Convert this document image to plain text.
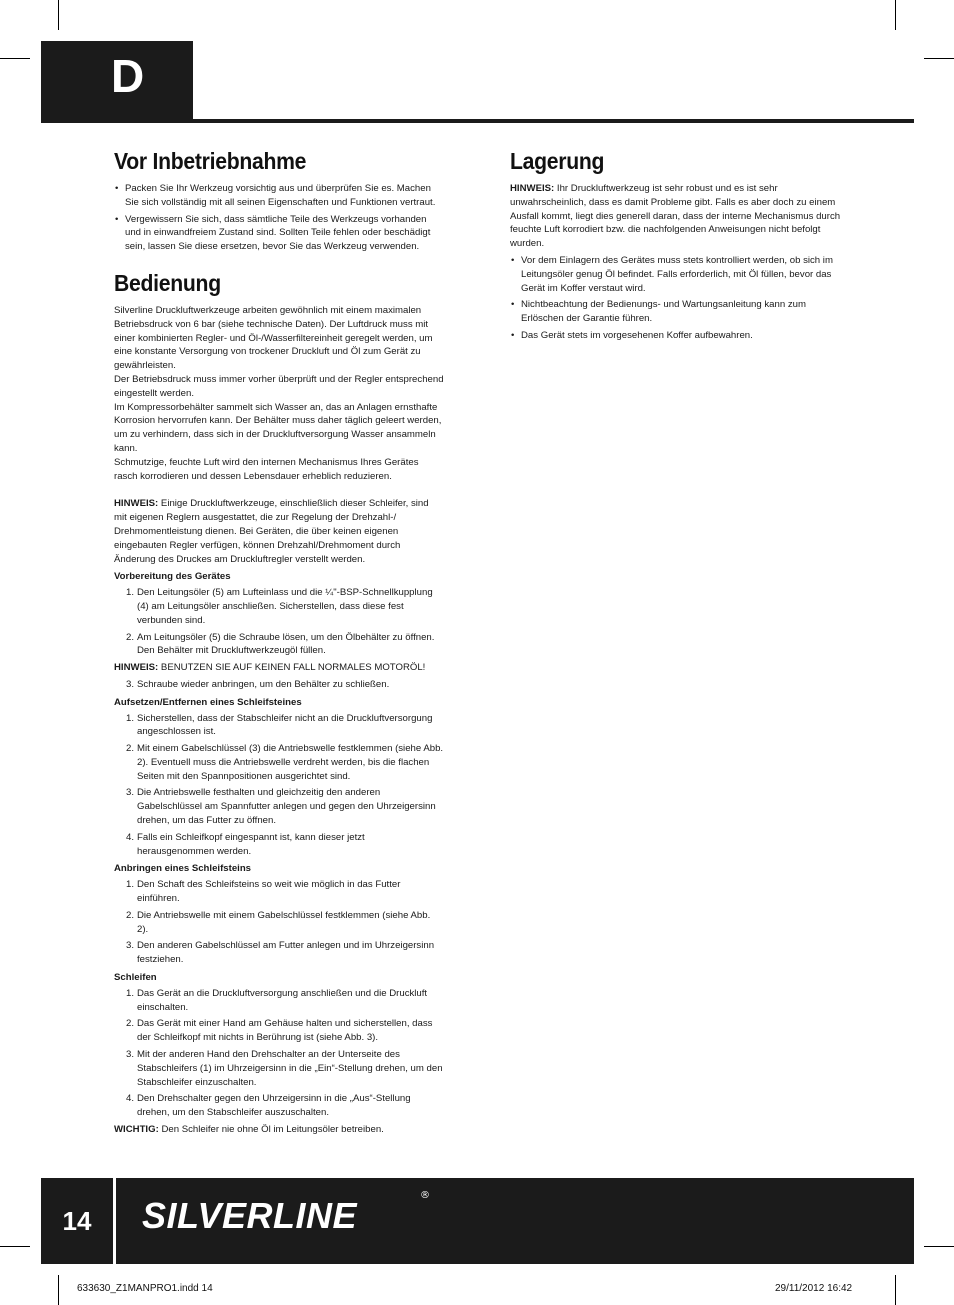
D
Vor Inbetriebnahme
• Packen Sie Ihr Werkzeug vorsichtig aus und überprüfen Sie es. Machen Sie sich vollständig mit all seinen Eigenschaften und Funktionen vertraut.
• Vergewissern Sie sich, dass sämtliche Teile des Werkzeugs vorhanden und in einwandfreiem Zustand sind. Sollten Teile fehlen oder beschädigt sein, lassen Sie diese ersetzen, bevor Sie das Werkzeug verwenden.
Bedienung

Silverline Druckluftwerkzeuge arbeiten gewöhnlich mit einem maximalen Betriebsdruck von 6 bar (siehe technische Daten). Der Luftdruck muss mit einer kombinierten Regler- und Öl-/Wasserfiltereinheit geregelt werden, um eine konstante Versorgung von trockener Druckluft und Öl zum Gerät zu gewährleisten.

Der Betriebsdruck muss immer vorher überprüft und der Regler entsprechend eingestellt werden.

Im Kompressorbehälter sammelt sich Wasser an, das an Anlagen ernsthafte Korrosion hervorrufen kann. Der Behälter muss daher täglich geleert werden, um zu verhindern, dass sich in der Druckluftversorgung Wasser ansammeln kann.

Schmutzige, feuchte Luft wird den internen Mechanismus Ihres Gerätes rasch korrodieren und dessen Lebensdauer erheblich reduzieren.

HINWEIS: Einige Druckluftwerkzeuge, einschließlich dieser Schleifer, sind mit eigenen Reglern ausgestattet, die zur Regelung der Drehzahl-/ Drehmomentleistung dienen. Bei Geräten, die über keinen eigenen eingebauten Regler verfügen, können Drehzahl/Drehmoment durch Änderung des Druckes am Druckluftregler verstellt werden.

Vorbereitung des Gerätes
1. Den Leitungsöler (5) am Lufteinlass und die ¼"-BSP-Schnellkupplung (4) am Leitungsöler anschließen. Sicherstellen, dass diese fest verbunden sind.
2. Am Leitungsöler (5) die Schraube lösen, um den Ölbehälter zu öffnen. Den Behälter mit Druckluftwerkzeugöl füllen.

HINWEIS: BENUTZEN SIE AUF KEINEN FALL NORMALES MOTORÖL!

3. Schraube wieder anbringen, um den Behälter zu schließen.
Aufsetzen/Entfernen eines Schleifsteines
1. Sicherstellen, dass der Stabschleifer nicht an die Druckluftversorgung angeschlossen ist.
2. Mit einem Gabelschlüssel (3) die Antriebswelle festklemmen (siehe Abb. 2). Eventuell muss die Antriebswelle verdreht werden, bis die flachen Seiten mit den Spannpositionen ausgerichtet sind.
3. Die Antriebswelle festhalten und gleichzeitig den anderen Gabelschlüssel am Spannfutter anlegen und gegen den Uhrzeigersinn drehen, um das Futter zu öffnen.
4. Falls ein Schleifkopf eingespannt ist, kann dieser jetzt herausgenommen werden.
Anbringen eines Schleifsteins
1. Den Schaft des Schleifsteins so weit wie möglich in das Futter einführen.
2. Die Antriebswelle mit einem Gabelschlüssel festklemmen (siehe Abb. 2).
3. Den anderen Gabelschlüssel am Futter anlegen und im Uhrzeigersinn festziehen.
Schleifen
1. Das Gerät an die Druckluftversorgung anschließen und die Druckluft einschalten.
2. Das Gerät mit einer Hand am Gehäuse halten und sicherstellen, dass der Schleifkopf mit nichts in Berührung ist (siehe Abb. 3).
3. Mit der anderen Hand den Drehschalter an der Unterseite des Stabschleifers (1) im Uhrzeigersinn in die „Ein“-Stellung drehen, um den Stabschleifer einzuschalten.
4. Den Drehschalter gegen den Uhrzeigersinn in die „Aus“-Stellung drehen, um den Stabschleifer auszuschalten.

WICHTIG: Den Schleifer nie ohne Öl im Leitungsöler betreiben.

Lagerung

HINWEIS: Ihr Druckluftwerkzeug ist sehr robust und es ist sehr unwahrscheinlich, dass es damit Probleme gibt. Falls es aber doch zu einem Ausfall kommt, liegt dies generell daran, dass der interne Mechanismus durch feuchte Luft korrodiert bzw. die nachfolgenden Anweisungen nicht befolgt wurden.

• Vor dem Einlagern des Gerätes muss stets kontrolliert werden, ob sich im Leitungsöler genug Öl befindet. Falls erforderlich, mit Öl füllen, bevor das Gerät im Koffer verstaut wird.
• Nichtbeachtung der Bedienungs- und Wartungsanleitung kann zum Erlöschen der Garantie führen.
• Das Gerät stets im vorgesehenen Koffer aufbewahren.
14	SILVERLINE	®
633630_Z1MANPRO1.indd 14	29/11/2012 16:42
